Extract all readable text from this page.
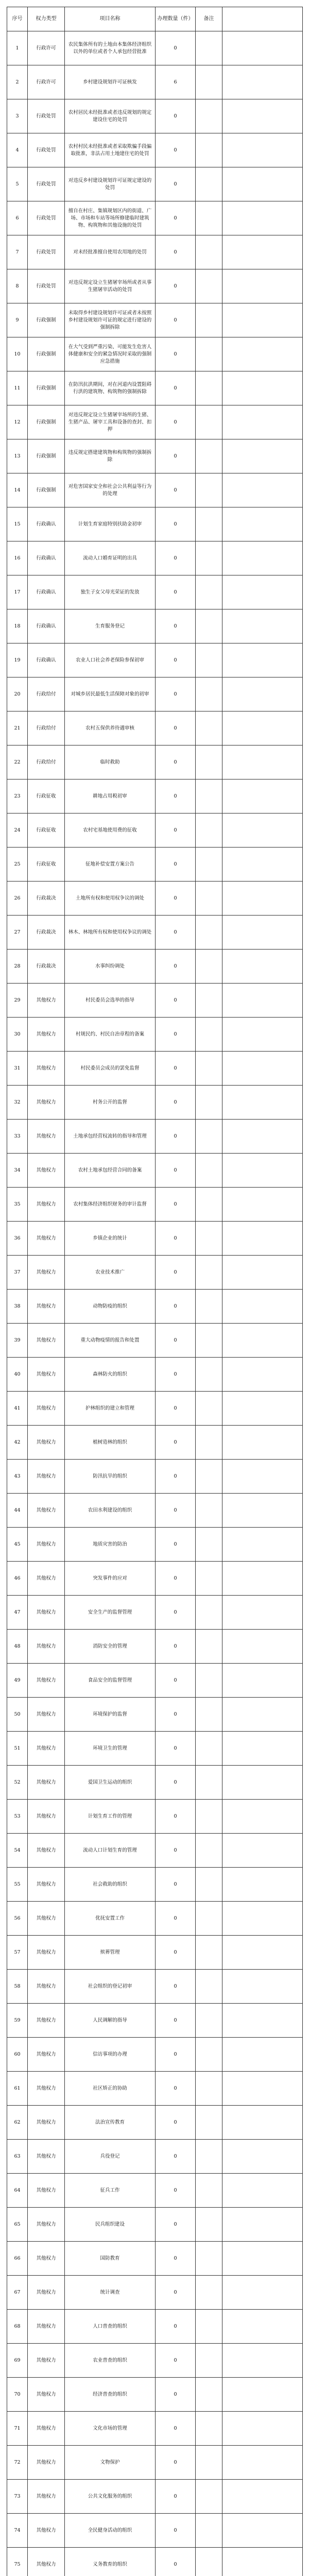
序号	权力类型	项目名称	办理数量（件）	备注	
1	行政许可	农民集体所有的土地由本集体经济组织以外的单位或者个人承包经营批准	0		
2	行政许可	乡村建设规划许可证核发	6		
3	行政处罚	农村居民未经批准或者违反规划的规定建设住宅的处罚	0		
4	行政处罚	农村村民未经批准或者采取欺骗手段骗取批准，非法占用土地建住宅的处罚	0		
5	行政处罚	对违反乡村建设规划许可证规定建设的处罚	0		
6	行政处罚	擅自在村庄、集镇规划区内的街道、广场、市场和车站等场所修建临时建筑物、构筑物和其他设施的处罚	0		
7	行政处罚	对未经批准擅自使用农用地的处罚	0		
8	行政处罚	对违反规定设立生猪屠宰场所或者从事生猪屠宰活动的处罚	0		
9	行政强制	未取得乡村建设规划许可证或者未按照乡村建设规划许可证的规定进行建设的强制拆除	0		
10	行政强制	在大气受到严重污染、可能发生危害人体健康和安全的紧急情况时采取的强制应急措施	0		
11	行政强制	在防汛抗洪期间，对在河道内设置阻碍行洪的建筑物、构筑物的强制拆除	0		
12	行政强制	对违反规定设立生猪屠宰场所的生猪、生猪产品、屠宰工具和设备的查封、扣押	0		
13	行政强制	违反规定搭建建筑物和构筑物的强制拆除	0		
14	行政强制	对危害国家安全和社会公共利益等行为的处理	0		
15	行政确认	计划生育家庭特别扶助金初审	0		
16	行政确认	流动人口婚育证明的出具	0		
17	行政确认	独生子女父母光荣证的发放	0		
18	行政确认	生育服务登记	0		
19	行政确认	农业人口社会养老保险参保初审	0		
20	行政给付	对城乡居民最低生活保障对象的初审	0		
21	行政给付	农村五保供养待遇审核	0		
22	行政给付	临时救助	0		
23	行政征收	耕地占用税初审	0		
24	行政征收	农村宅基地使用费的征收	0		
25	行政征收	征地补偿安置方案公告	0		
26	行政裁决	土地所有权和使用权争议的调处	0		
27	行政裁决	林木、林地所有权和使用权争议的调处	0		
28	行政裁决	水事纠纷调处	0		
29	其他权力	村民委员会选举的指导	0		
30	其他权力	村规民约、村民自治章程的备案	0		
31	其他权力	村民委员会成员的罢免监督	0		
32	其他权力	村务公开的监督	0		
33	其他权力	土地承包经营权流转的指导和管理	0		
34	其他权力	农村土地承包经营合同的备案	0		
35	其他权力	农村集体经济组织财务的审计监督	0		
36	其他权力	乡镇企业的统计	0		
37	其他权力	农业技术推广	0		
38	其他权力	动物防疫的组织	0		
39	其他权力	重大动物疫情的报告和处置	0		
40	其他权力	森林防火的组织	0		
41	其他权力	护林组织的建立和管理	0		
42	其他权力	植树造林的组织	0		
43	其他权力	防汛抗旱的组织	0		
44	其他权力	农田水利建设的组织	0		
45	其他权力	地质灾害的防治	0		
46	其他权力	突发事件的应对	0		
47	其他权力	安全生产的监督管理	0		
48	其他权力	消防安全的管理	0		
49	其他权力	食品安全的监督管理	0		
50	其他权力	环境保护的监督	0		
51	其他权力	环境卫生的管理	0		
52	其他权力	爱国卫生运动的组织	0		
53	其他权力	计划生育工作的管理	0		
54	其他权力	流动人口计划生育的管理	0		
55	其他权力	社会救助的组织	0		
56	其他权力	优抚安置工作	0		
57	其他权力	殡葬管理	0		
58	其他权力	社会组织的登记初审	0		
59	其他权力	人民调解的指导	0		
60	其他权力	信访事项的办理	0		
61	其他权力	社区矫正的协助	0		
62	其他权力	法治宣传教育	0		
63	其他权力	兵役登记	0		
64	其他权力	征兵工作	0		
65	其他权力	民兵组织建设	0		
66	其他权力	国防教育	0		
67	其他权力	统计调查	0		
68	其他权力	人口普查的组织	0		
69	其他权力	农业普查的组织	0		
70	其他权力	经济普查的组织	0		
71	其他权力	文化市场的管理	0		
72	其他权力	文物保护	0		
73	其他权力	公共文化服务的组织	0		
74	其他权力	全民健身活动的组织	0		
75	其他权力	义务教育的组织	0		
